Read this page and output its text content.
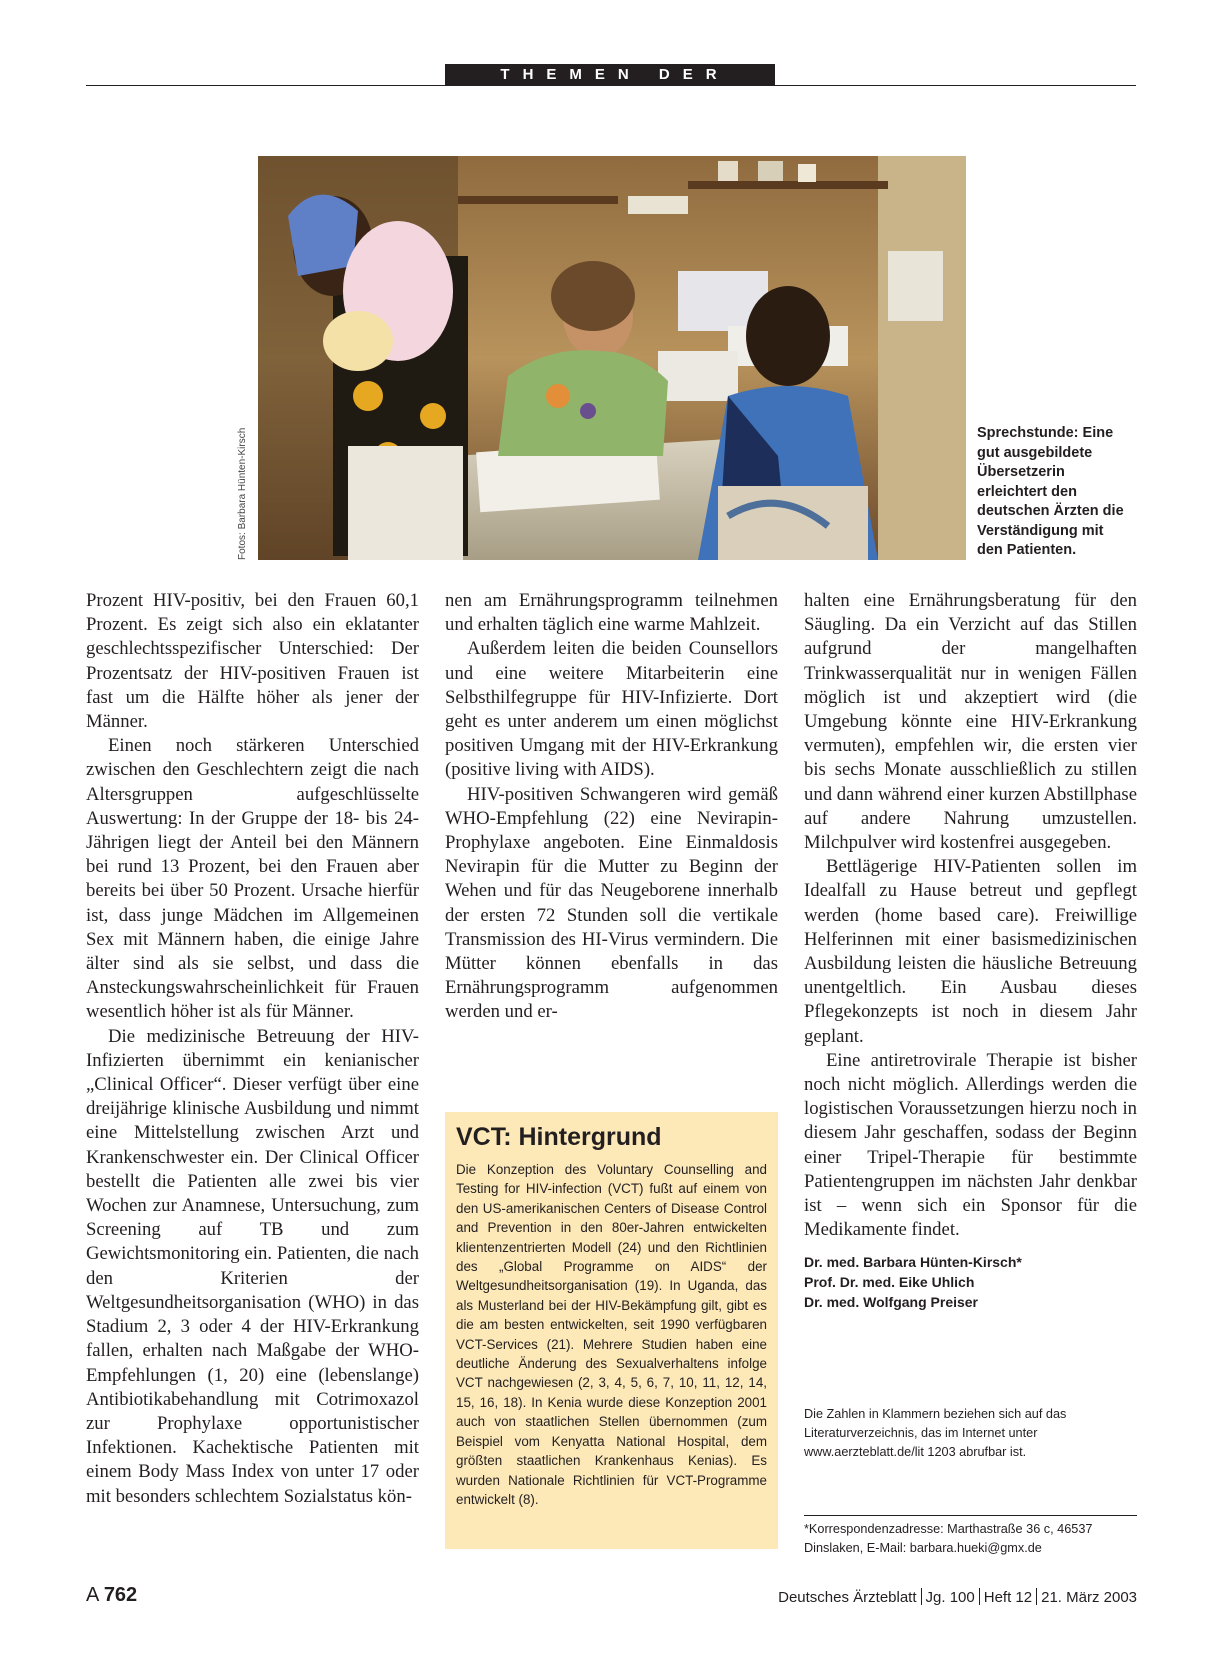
THEMEN DER ZEIT
Fotos: Barbara Hünten-Kirsch	Sprechstunde: Eine gut ausgebildete Übersetzerin erleichtert den deutschen Ärzten die Verständigung mit den Patienten.

Prozent HIV-positiv, bei den Frauen 60,1 Prozent. Es zeigt sich also ein eklatanter geschlechtsspezifischer Unterschied: Der Prozentsatz der HIV-positiven Frauen ist fast um die Hälfte höher als jener der Männer.

Einen noch stärkeren Unterschied zwischen den Geschlechtern zeigt die nach Altersgruppen aufgeschlüsselte Auswertung: In der Gruppe der 18- bis 24-Jährigen liegt der Anteil bei den Männern bei rund 13 Prozent, bei den Frauen aber bereits bei über 50 Prozent. Ursache hierfür ist, dass junge Mädchen im Allgemeinen Sex mit Männern haben, die einige Jahre älter sind als sie selbst, und dass die Ansteckungswahrscheinlichkeit für Frauen wesentlich höher ist als für Männer.

Die medizinische Betreuung der HIV-Infizierten übernimmt ein kenianischer „Clinical Officer“. Dieser verfügt über eine dreijährige klinische Ausbildung und nimmt eine Mittelstellung zwischen Arzt und Krankenschwester ein. Der Clinical Officer bestellt die Patienten alle zwei bis vier Wochen zur Anamnese, Untersuchung, zum Screening auf TB und zum Gewichtsmonitoring ein. Patienten, die nach den Kriterien der Weltgesundheitsorganisation (WHO) in das Stadium 2, 3 oder 4 der HIV-Erkrankung fallen, erhalten nach Maßgabe der WHO-Empfehlungen (1, 20) eine (lebenslange) Antibiotikabehandlung mit Cotrimoxazol zur Prophylaxe opportunistischer Infektionen. Kachektische Patienten mit einem Body Mass Index von unter 17 oder mit besonders schlechtem Sozialstatus kön-

nen am Ernährungsprogramm teilnehmen und erhalten täglich eine warme Mahlzeit.

Außerdem leiten die beiden Counsellors und eine weitere Mitarbeiterin eine Selbsthilfegruppe für HIV-Infizierte. Dort geht es unter anderem um einen möglichst positiven Umgang mit der HIV-Erkrankung (positive living with AIDS).

HIV-positiven Schwangeren wird gemäß WHO-Empfehlung (22) eine Nevirapin-Prophylaxe angeboten. Eine Einmaldosis Nevirapin für die Mutter zu Beginn der Wehen und für das Neugeborene innerhalb der ersten 72 Stunden soll die vertikale Transmission des HI-Virus vermindern. Die Mütter können ebenfalls in das Ernährungsprogramm aufgenommen werden und er-

VCT: Hintergrund

Die Konzeption des Voluntary Counselling and Testing for HIV-infection (VCT) fußt auf einem von den US-amerikanischen Centers of Disease Control and Prevention in den 80er-Jahren entwickelten klientenzentrierten Modell (24) und den Richtlinien des „Global Programme on AIDS“ der Weltgesundheitsorganisation (19). In Uganda, das als Musterland bei der HIV-Bekämpfung gilt, gibt es die am besten entwickelten, seit 1990 verfügbaren VCT-Services (21). Mehrere Studien haben eine deutliche Änderung des Sexualverhaltens infolge VCT nachgewiesen (2, 3, 4, 5, 6, 7, 10, 11, 12, 14, 15, 16, 18). In Kenia wurde diese Konzeption 2001 auch von staatlichen Stellen übernommen (zum Beispiel vom Kenyatta National Hospital, dem größten staatlichen Krankenhaus Kenias). Es wurden Nationale Richtlinien für VCT-Programme entwickelt (8).

halten eine Ernährungsberatung für den Säugling. Da ein Verzicht auf das Stillen aufgrund der mangelhaften Trinkwasserqualität nur in wenigen Fällen möglich ist und akzeptiert wird (die Umgebung könnte eine HIV-Erkrankung vermuten), empfehlen wir, die ersten vier bis sechs Monate ausschließlich zu stillen und dann während einer kurzen Abstillphase auf andere Nahrung umzustellen. Milchpulver wird kostenfrei ausgegeben.

Bettlägerige HIV-Patienten sollen im Idealfall zu Hause betreut und gepflegt werden (home based care). Freiwillige Helferinnen mit einer basismedizinischen Ausbildung leisten die häusliche Betreuung unentgeltlich. Ein Ausbau dieses Pflegekonzepts ist noch in diesem Jahr geplant.

Eine antiretrovirale Therapie ist bisher noch nicht möglich. Allerdings werden die logistischen Voraussetzungen hierzu noch in diesem Jahr geschaffen, sodass der Beginn einer Tripel-Therapie für bestimmte Patientengruppen im nächsten Jahr denkbar ist – wenn sich ein Sponsor für die Medikamente findet.

Dr. med. Barbara Hünten-Kirsch*
Prof. Dr. med. Eike Uhlich
Dr. med. Wolfgang Preiser
Die Zahlen in Klammern beziehen sich auf das Literaturverzeichnis, das im Internet unter www.aerzteblatt.de/lit 1203 abrufbar ist.
*Korrespondenzadresse: Marthastraße 36 c, 46537 Dinslaken, E-Mail: barbara.hueki@gmx.de
A 762	Deutsches Ärzteblatt Jg. 100 Heft 12 21. März 2003
